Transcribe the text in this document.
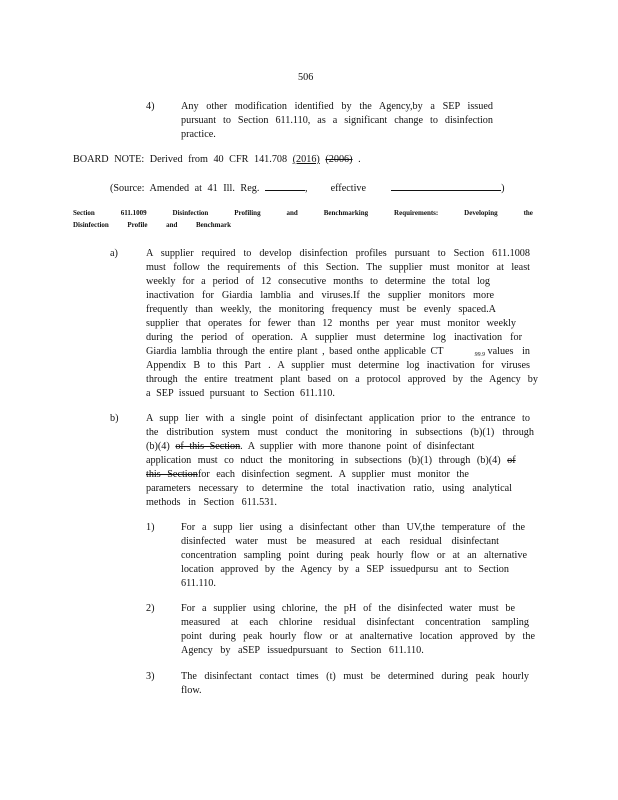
506
4)	Any other modification identified by the Agency,by a SEP issued
pursuant to Section 611.110, as a significant change to disinfection
practice.
BOARD NOTE: Derived from 40 CFR 141.708 (2016) (2006) .
(Source: Amended at 41 Ill. Reg.	, effective	)
Section	611.1009	Disinfection	Profiling	and	Benchmarking	Requirements:	Developing	the
Disinfection	Profile	and	Benchmark
a)	A supplier required to develop disinfection profiles pursuant to Section 611.1008
must follow the requirements of this Section. The supplier must monitor at least
weekly for a period of 12 consecutive months to determine the total log
inactivation for Giardia lamblia and viruses.If the supplier monitors more
frequently than weekly, the monitoring frequency must be evenly spaced.A
supplier that operates for fewer than 12 months per year must monitor weekly
during the period of operation. A supplier must determine log inactivation for
Giardia lamblia through the entire plant , based onthe applicable CT	$_{99.9}$ values in
Appendix B to this Part . A supplier must determine log inactivation for viruses
through the entire treatment plant based on a protocol approved by the Agency by
a SEP issued pursuant to Section 611.110.
b)	A supp lier with a single point of disinfectant application prior to the entrance to
the distribution system must conduct the monitoring in subsections (b)(1) through
(b)(4) of this Section. A supplier with more thanone point of disinfectant
application must co nduct the monitoring in subsections (b)(1) through (b)(4) of
this Sectionfor each disinfection segment. A supplier must monitor the
parameters necessary to determine the total inactivation ratio, using analytical
methods in Section 611.531.
1)	For a supp lier using a disinfectant other than UV,the temperature of the
disinfected water must be measured at each residual disinfectant
concentration sampling point during peak hourly flow or at an alternative
location approved by the Agency by a SEP issuedpursu ant to Section
611.110.
2)	For a supplier using chlorine, the pH of the disinfected water must be
measured at each chlorine residual disinfectant concentration sampling
point during peak hourly flow or at analternative location approved by the
Agency by aSEP issuedpursuant to Section 611.110.
3)	The disinfectant contact times (t) must be determined during peak hourly
flow.
